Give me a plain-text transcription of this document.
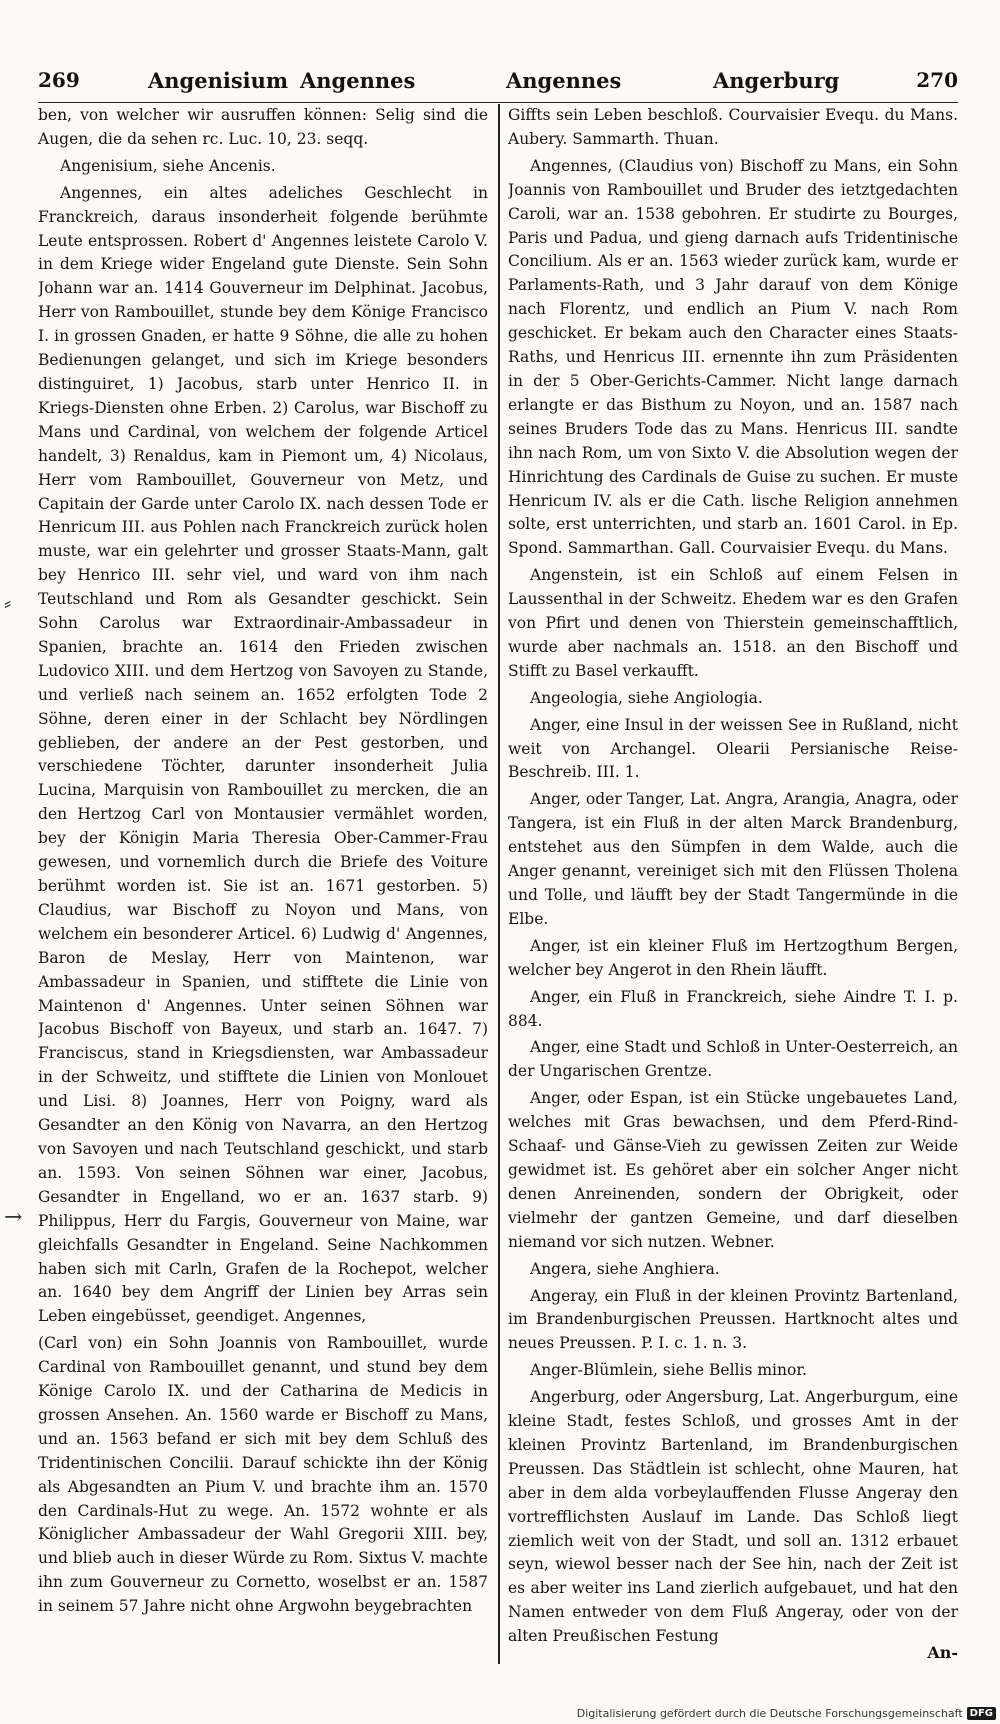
269	Angenisium Angennes	Angennes	Angerburg	270
⸗
→

ben, von welcher wir ausruffen können: Selig sind die Augen, die da sehen rc. Luc. 10, 23. seqq.

Angenisium, siehe Ancenis.

Angennes, ein altes adeliches Geschlecht in Franckreich, daraus insonderheit folgende berühmte Leute entsprossen. Robert d' Angennes leistete Carolo V. in dem Kriege wider Engeland gute Dienste. Sein Sohn Johann war an. 1414 Gouverneur im Delphinat. Jacobus, Herr von Rambouillet, stunde bey dem Könige Francisco I. in grossen Gnaden, er hatte 9 Söhne, die alle zu hohen Bedienungen gelanget, und sich im Kriege besonders distinguiret, 1) Jacobus, starb unter Henrico II. in Kriegs-Diensten ohne Erben. 2) Carolus, war Bischoff zu Mans und Cardinal, von welchem der folgende Articel handelt, 3) Renaldus, kam in Piemont um, 4) Nicolaus, Herr vom Rambouillet, Gouverneur von Metz, und Capitain der Garde unter Carolo IX. nach dessen Tode er Henricum III. aus Pohlen nach Franckreich zurück holen muste, war ein gelehrter und grosser Staats-Mann, galt bey Henrico III. sehr viel, und ward von ihm nach Teutschland und Rom als Gesandter geschickt. Sein Sohn Carolus war Extraordinair-Ambassadeur in Spanien, brachte an. 1614 den Frieden zwischen Ludovico XIII. und dem Hertzog von Savoyen zu Stande, und verließ nach seinem an. 1652 erfolgten Tode 2 Söhne, deren einer in der Schlacht bey Nördlingen geblieben, der andere an der Pest gestorben, und verschiedene Töchter, darunter insonderheit Julia Lucina, Marquisin von Rambouillet zu mercken, die an den Hertzog Carl von Montausier vermählet worden, bey der Königin Maria Theresia Ober-Cammer-Frau gewesen, und vornemlich durch die Briefe des Voiture berühmt worden ist. Sie ist an. 1671 gestorben. 5) Claudius, war Bischoff zu Noyon und Mans, von welchem ein besonderer Articel. 6) Ludwig d' Angennes, Baron de Meslay, Herr von Maintenon, war Ambassadeur in Spanien, und stifftete die Linie von Maintenon d' Angennes. Unter seinen Söhnen war Jacobus Bischoff von Bayeux, und starb an. 1647. 7) Franciscus, stand in Kriegsdiensten, war Ambassadeur in der Schweitz, und stifftete die Linien von Monlouet und Lisi. 8) Joannes, Herr von Poigny, ward als Gesandter an den König von Navarra, an den Hertzog von Savoyen und nach Teutschland geschickt, und starb an. 1593. Von seinen Söhnen war einer, Jacobus, Gesandter in Engelland, wo er an. 1637 starb. 9) Philippus, Herr du Fargis, Gouverneur von Maine, war gleichfalls Gesandter in Engeland. Seine Nachkommen haben sich mit Carln, Grafen de la Rochepot, welcher an. 1640 bey dem Angriff der Linien bey Arras sein Leben eingebüsset, geendiget. Angennes,

(Carl von) ein Sohn Joannis von Rambouillet, wurde Cardinal von Rambouillet genannt, und stund bey dem Könige Carolo IX. und der Catharina de Medicis in grossen Ansehen. An. 1560 warde er Bischoff zu Mans, und an. 1563 befand er sich mit bey dem Schluß des Tridentinischen Concilii. Darauf schickte ihn der König als Abgesandten an Pium V. und brachte ihm an. 1570 den Cardinals-Hut zu wege. An. 1572 wohnte er als Königlicher Ambassadeur der Wahl Gregorii XIII. bey, und blieb auch in dieser Würde zu Rom. Sixtus V. machte ihn zum Gouverneur zu Cornetto, woselbst er an. 1587 in seinem 57 Jahre nicht ohne Argwohn beygebrachten

Giffts sein Leben beschloß. Courvaisier Evequ. du Mans. Aubery. Sammarth. Thuan.

Angennes, (Claudius von) Bischoff zu Mans, ein Sohn Joannis von Rambouillet und Bruder des ietztgedachten Caroli, war an. 1538 gebohren. Er studirte zu Bourges, Paris und Padua, und gieng darnach aufs Tridentinische Concilium. Als er an. 1563 wieder zurück kam, wurde er Parlaments-Rath, und 3 Jahr darauf von dem Könige nach Florentz, und endlich an Pium V. nach Rom geschicket. Er bekam auch den Character eines Staats-Raths, und Henricus III. ernennte ihn zum Präsidenten in der 5 Ober-Gerichts-Cammer. Nicht lange darnach erlangte er das Bisthum zu Noyon, und an. 1587 nach seines Bruders Tode das zu Mans. Henricus III. sandte ihn nach Rom, um von Sixto V. die Absolution wegen der Hinrichtung des Cardinals de Guise zu suchen. Er muste Henricum IV. als er die Cath. lische Religion annehmen solte, erst unterrichten, und starb an. 1601 Carol. in Ep. Spond. Sammarthan. Gall. Courvaisier Evequ. du Mans.

Angenstein, ist ein Schloß auf einem Felsen in Laussenthal in der Schweitz. Ehedem war es den Grafen von Pfirt und denen von Thierstein gemeinschafftlich, wurde aber nachmals an. 1518. an den Bischoff und Stifft zu Basel verkaufft.

Angeologia, siehe Angiologia.

Anger, eine Insul in der weissen See in Rußland, nicht weit von Archangel. Olearii Persianische Reise-Beschreib. III. 1.

Anger, oder Tanger, Lat. Angra, Arangia, Anagra, oder Tangera, ist ein Fluß in der alten Marck Brandenburg, entstehet aus den Sümpfen in dem Walde, auch die Anger genannt, vereiniget sich mit den Flüssen Tholena und Tolle, und läufft bey der Stadt Tangermünde in die Elbe.

Anger, ist ein kleiner Fluß im Hertzogthum Bergen, welcher bey Angerot in den Rhein läufft.

Anger, ein Fluß in Franckreich, siehe Aindre T. I. p. 884.

Anger, eine Stadt und Schloß in Unter-Oesterreich, an der Ungarischen Grentze.

Anger, oder Espan, ist ein Stücke ungebauetes Land, welches mit Gras bewachsen, und dem Pferd-Rind-Schaaf- und Gänse-Vieh zu gewissen Zeiten zur Weide gewidmet ist. Es gehöret aber ein solcher Anger nicht denen Anreinenden, sondern der Obrigkeit, oder vielmehr der gantzen Gemeine, und darf dieselben niemand vor sich nutzen. Webner.

Angera, siehe Anghiera.

Angeray, ein Fluß in der kleinen Provintz Bartenland, im Brandenburgischen Preussen. Hartknocht altes und neues Preussen. P. I. c. 1. n. 3.

Anger-Blümlein, siehe Bellis minor.

Angerburg, oder Angersburg, Lat. Angerburgum, eine kleine Stadt, festes Schloß, und grosses Amt in der kleinen Provintz Bartenland, im Brandenburgischen Preussen. Das Städtlein ist schlecht, ohne Mauren, hat aber in dem alda vorbeylauffenden Flusse Angeray den vortrefflichsten Auslauf im Lande. Das Schloß liegt ziemlich weit von der Stadt, und soll an. 1312 erbauet seyn, wiewol besser nach der See hin, nach der Zeit ist es aber weiter ins Land zierlich aufgebauet, und hat den Namen entweder von dem Fluß Angeray, oder von der alten Preußischen Festung

An-
Digitalisierung gefördert durch die Deutsche Forschungsgemeinschaft DFG
